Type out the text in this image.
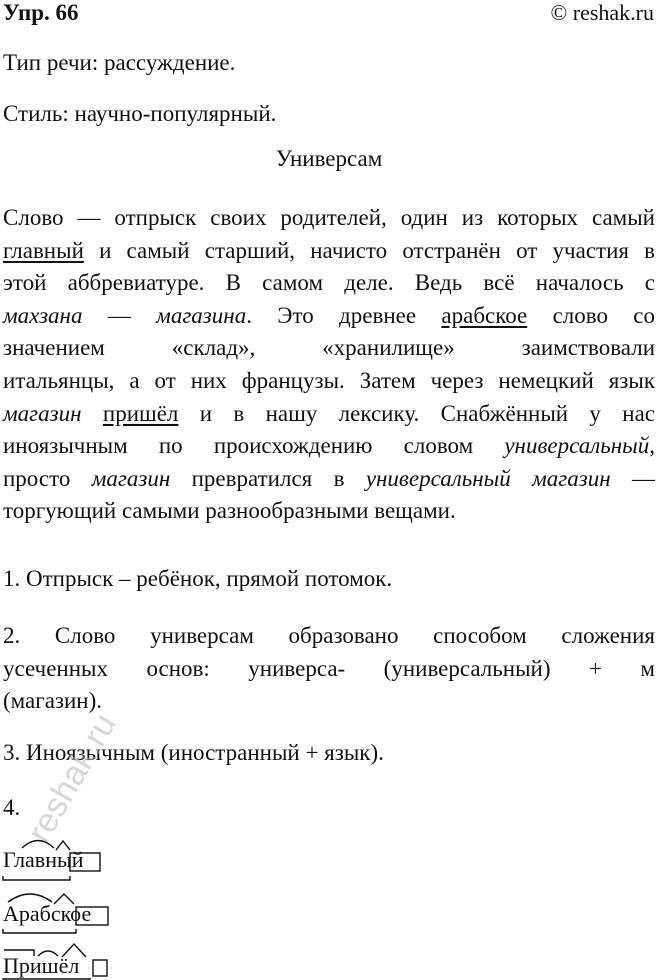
Упр. 66	© reshak.ru
Тип речи: рассуждение.
Стиль: научно-популярный.
Универсам
Слово — отпрыск своих родителей, один из которых самый
главный и самый старший, начисто отстранён от участия в
этой аббревиатуре. В самом деле. Ведь всё началось с
махзана — магазина. Это древнее арабское слово со
значением «склад», «хранилище» заимствовали
итальянцы, а от них французы. Затем через немецкий язык
магазин пришёл и в нашу лексику. Снабжённый у нас
иноязычным по происхождению словом универсальный,
просто магазин превратился в универсальный магазин —
торгующий самыми разнообразными вещами.
1. Отпрыск – ребёнок, прямой потомок.
2. Слово универсам образовано способом сложения
усеченных основ: универса- (универсальный) + м
(магазин).
3. Иноязычным (иностранный + язык).
4. reshak.ru
Главный
Арабское
Пришёл
